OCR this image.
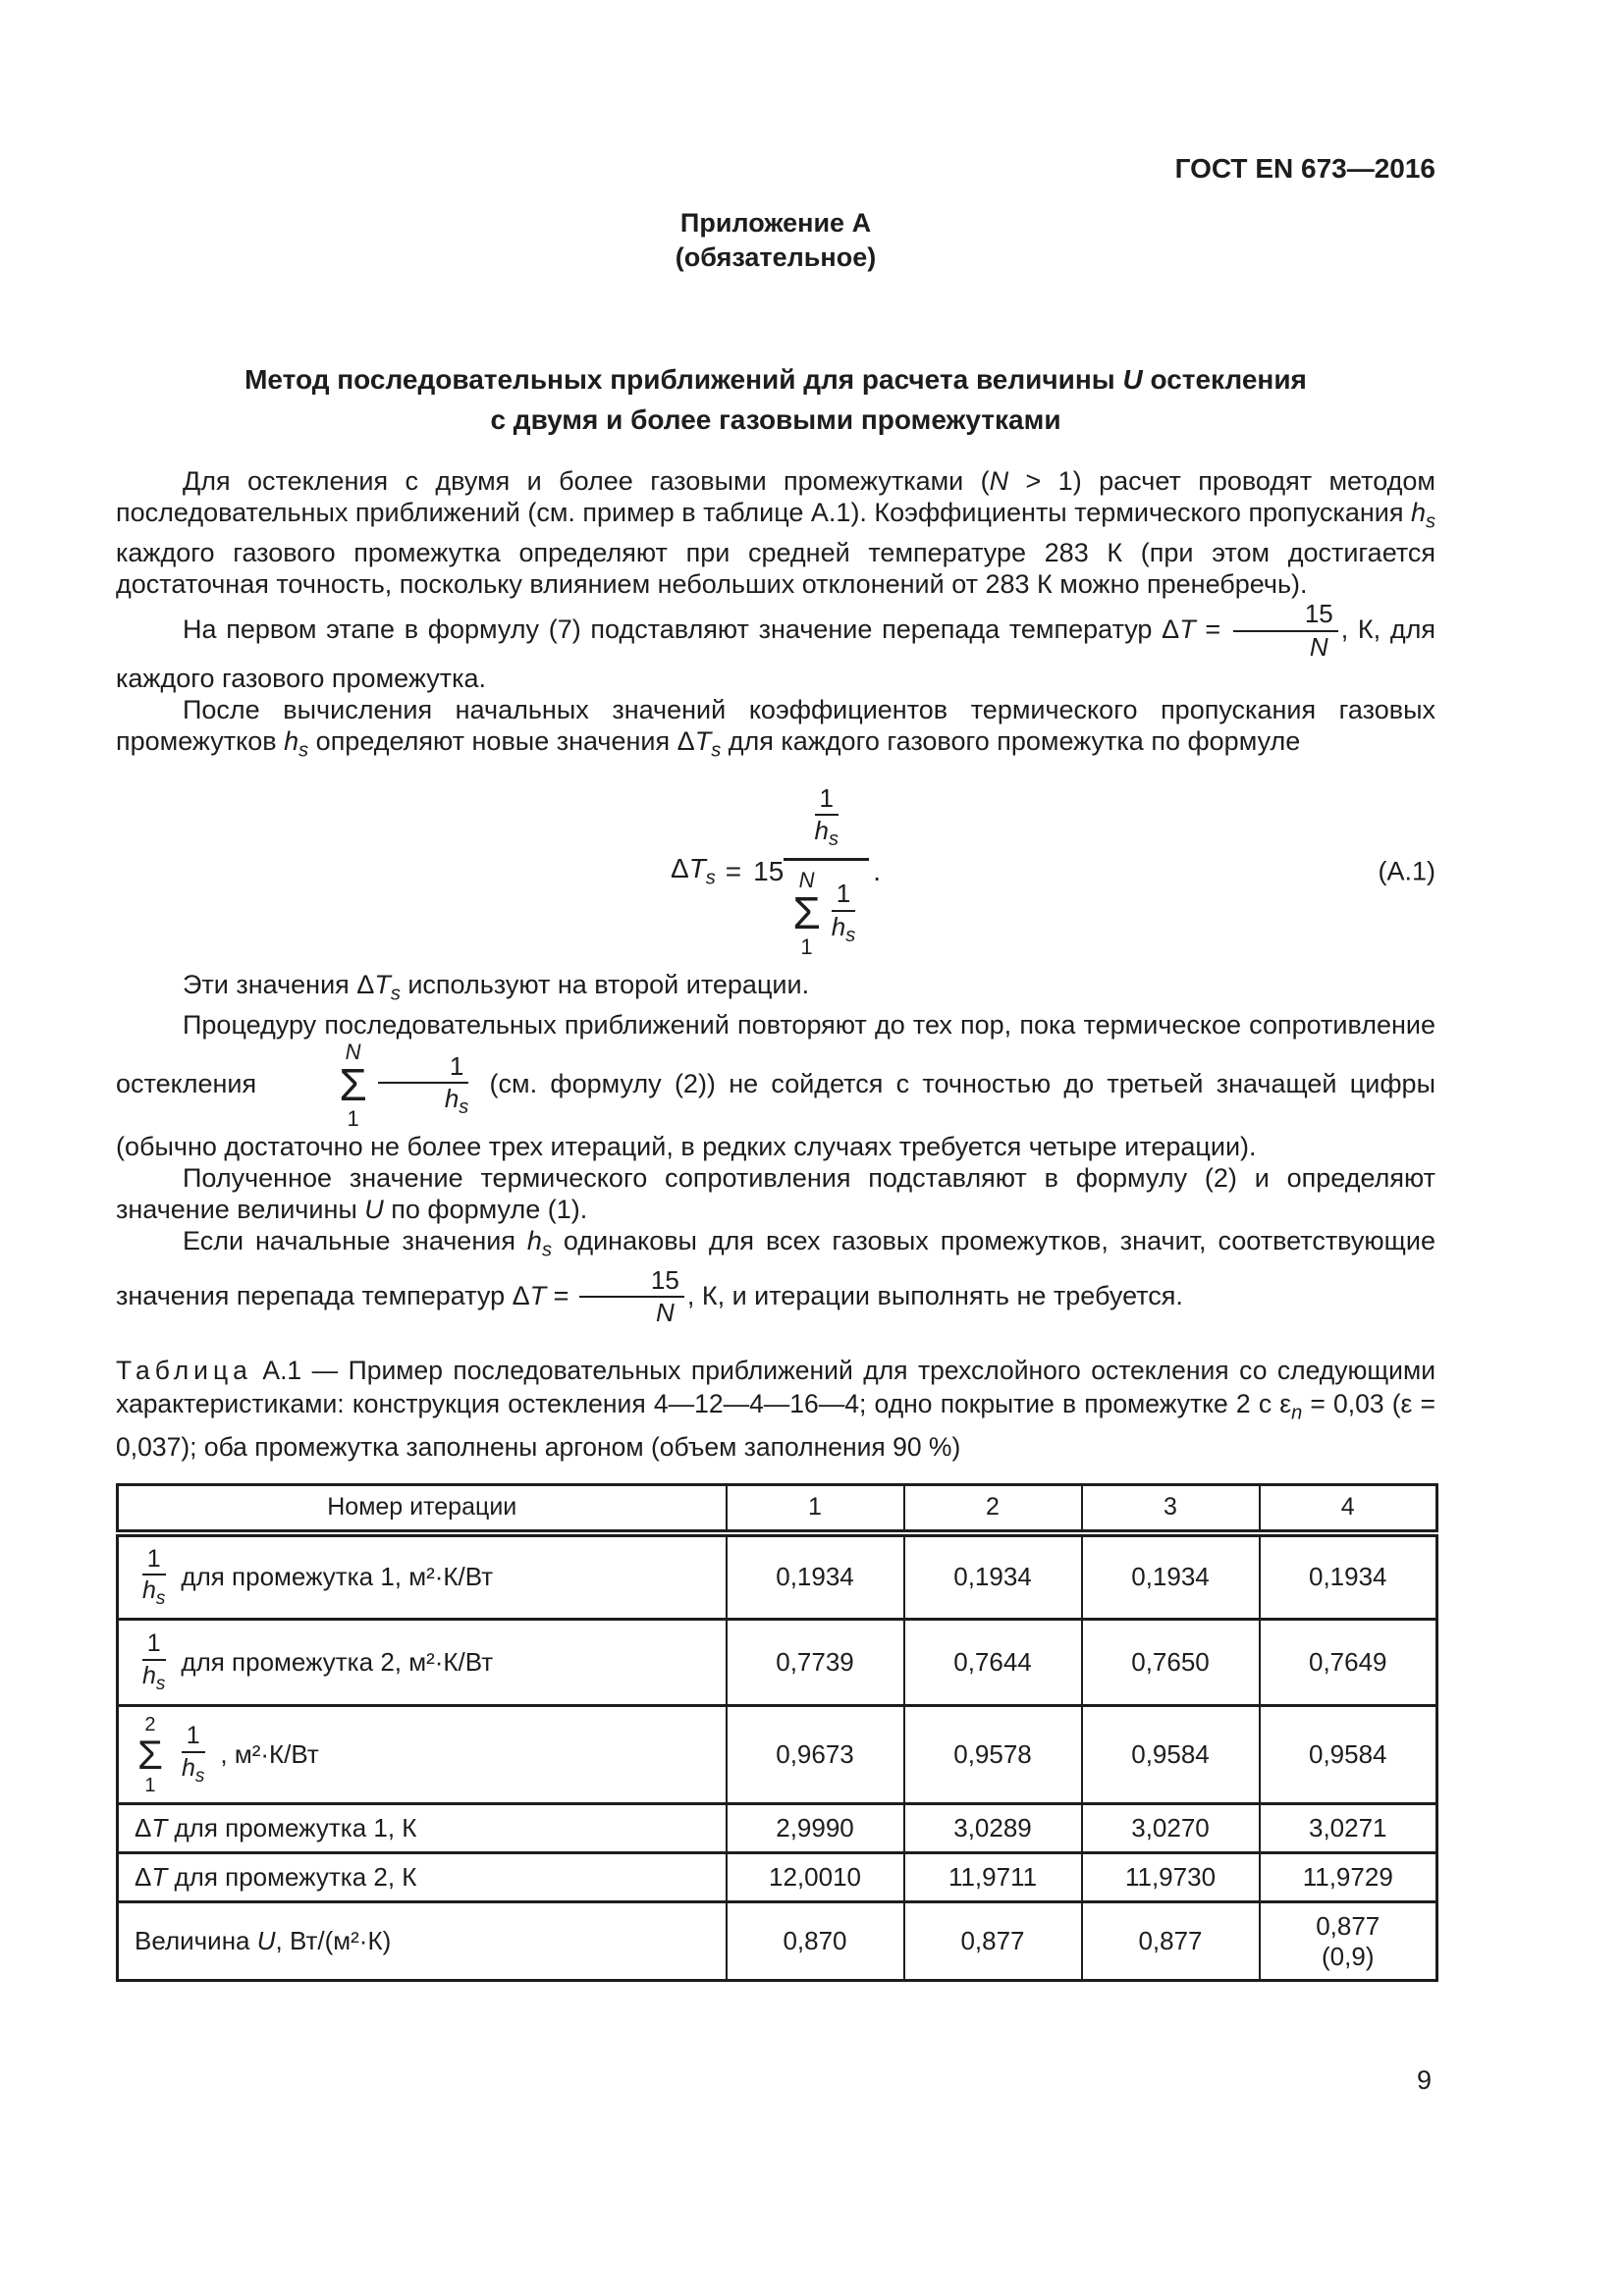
ГОСТ EN 673—2016
Приложение А
(обязательное)
Метод последовательных приближений для расчета величины U остекления
с двумя и более газовыми промежутками

Для остекления с двумя и более газовыми промежутками (N > 1) расчет проводят методом последовательных приближений (см. пример в таблице А.1). Коэффициенты термического пропускания $h_s$ каждого газового промежутка определяют при средней температуре 283 К (при этом достигается достаточная точность, поскольку влиянием небольших отклонений от 283 К можно пренебречь).

На первом этапе в формулу (7) подставляют значение перепада температур $\Delta T = \frac{15}{N}$ , К, для каждого газового промежутка.

После вычисления начальных значений коэффициентов термического пропускания газовых промежутков $h_s$ определяют новые значения $\Delta T_s$ для каждого газового промежутка по формуле

$\Delta T_s = 15$
$\frac{1}{h_s}$
N
Σ
1
1
$h_s$
.	(А.1)

Эти значения $\Delta T_s$ используют на второй итерации.

Процедуру последовательных приближений повторяют до тех пор, пока термическое сопротивление остекления
N
Σ
$1 \frac{1}{h_s} (см$. формулу (2)) не сойдется с точностью до третьей значащей цифры (обычно достаточно не более трех итераций, в редких случаях требуется четыре итерации).

Полученное значение термического сопротивления подставляют в формулу (2) и определяют значение величины U по формуле (1).

Если начальные значения $h_s$ одинаковы для всех газовых промежутков, значит, соответствующие значения перепада температур $\Delta T = \frac{15}{N}$ , К, и итерации выполнять не требуется.

Таблица А.1 — Пример последовательных приближений для трехслойного остекления со следующими характеристиками: конструкция остекления 4—12—4—16—4; одно покрытие в промежутке 2 с $\varepsilon_n = 0,03$ (ε = 0,037); оба промежутка заполнены аргоном (объем заполнения 90 %)

Номер итерации	1	2	3	4

1
$h_s$
для промежутка 1, м²·К/Вт	0,1934	0,1934	0,1934	0,1934

1
$h_s$
для промежутка 2, м²·К/Вт	0,7739	0,7644	0,7650	0,7649

2
Σ
1
1
$h_s$
, м²·К/Вт	0,9673	0,9578	0,9584	0,9584
ΔT для промежутка 1, К	2,9990	3,0289	3,0270	3,0271
ΔT для промежутка 2, К	12,0010	11,9711	11,9730	11,9729
Величина U, Вт/(м²·К)	0,870	0,877	0,877	0,877
(0,9)
9
